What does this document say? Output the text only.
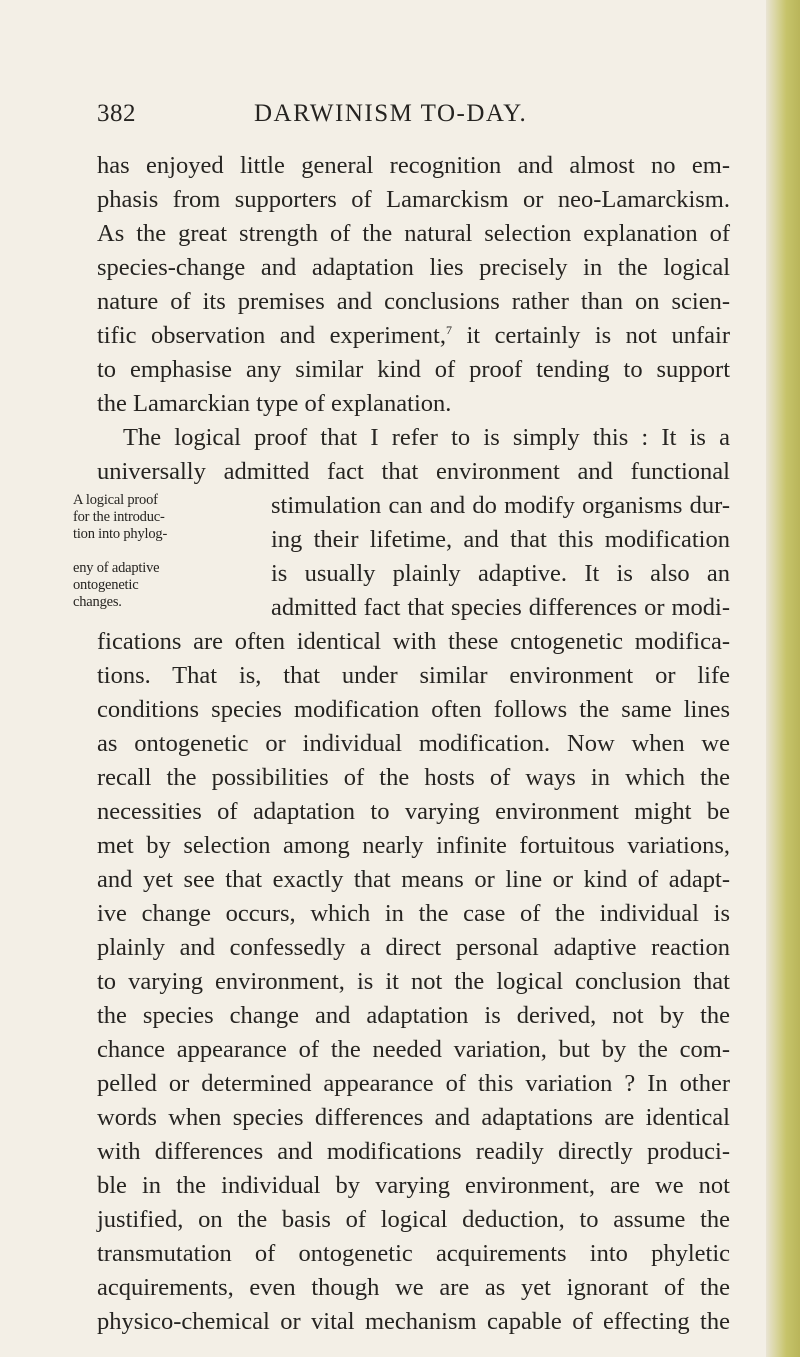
382	DARWINISM TO-DAY.
has enjoyed little general recognition and almost no em-
phasis from supporters of Lamarckism or neo-Lamarckism.
As the great strength of the natural selection explanation of
species-change and adaptation lies precisely in the logical
nature of its premises and conclusions rather than on scien-
tific observation and experiment,$^7$ it certainly is not unfair
to emphasise any similar kind of proof tending to support
the Lamarckian type of explanation.
The logical proof that I refer to is simply this : It is a
universally admitted fact that environment and functional
stimulation can and do modify organisms dur-
ing their lifetime, and that this modification
is usually plainly adaptive. It is also an
admitted fact that species differences or modi-
fications are often identical with these cntogenetic modifica-
tions. That is, that under similar environment or life
conditions species modification often follows the same lines
as ontogenetic or individual modification. Now when we
recall the possibilities of the hosts of ways in which the
necessities of adaptation to varying environment might be
met by selection among nearly infinite fortuitous variations,
and yet see that exactly that means or line or kind of adapt-
ive change occurs, which in the case of the individual is
plainly and confessedly a direct personal adaptive reaction
to varying environment, is it not the logical conclusion that
the species change and adaptation is derived, not by the
chance appearance of the needed variation, but by the com-
pelled or determined appearance of this variation ? In other
words when species differences and adaptations are identical
with differences and modifications readily directly produci-
ble in the individual by varying environment, are we not
justified, on the basis of logical deduction, to assume the
transmutation of ontogenetic acquirements into phyletic
acquirements, even though we are as yet ignorant of the
physico-chemical or vital mechanism capable of effecting the
A logical proof
for the introduc-
tion into phylog-
eny of adaptive
ontogenetic
changes.
